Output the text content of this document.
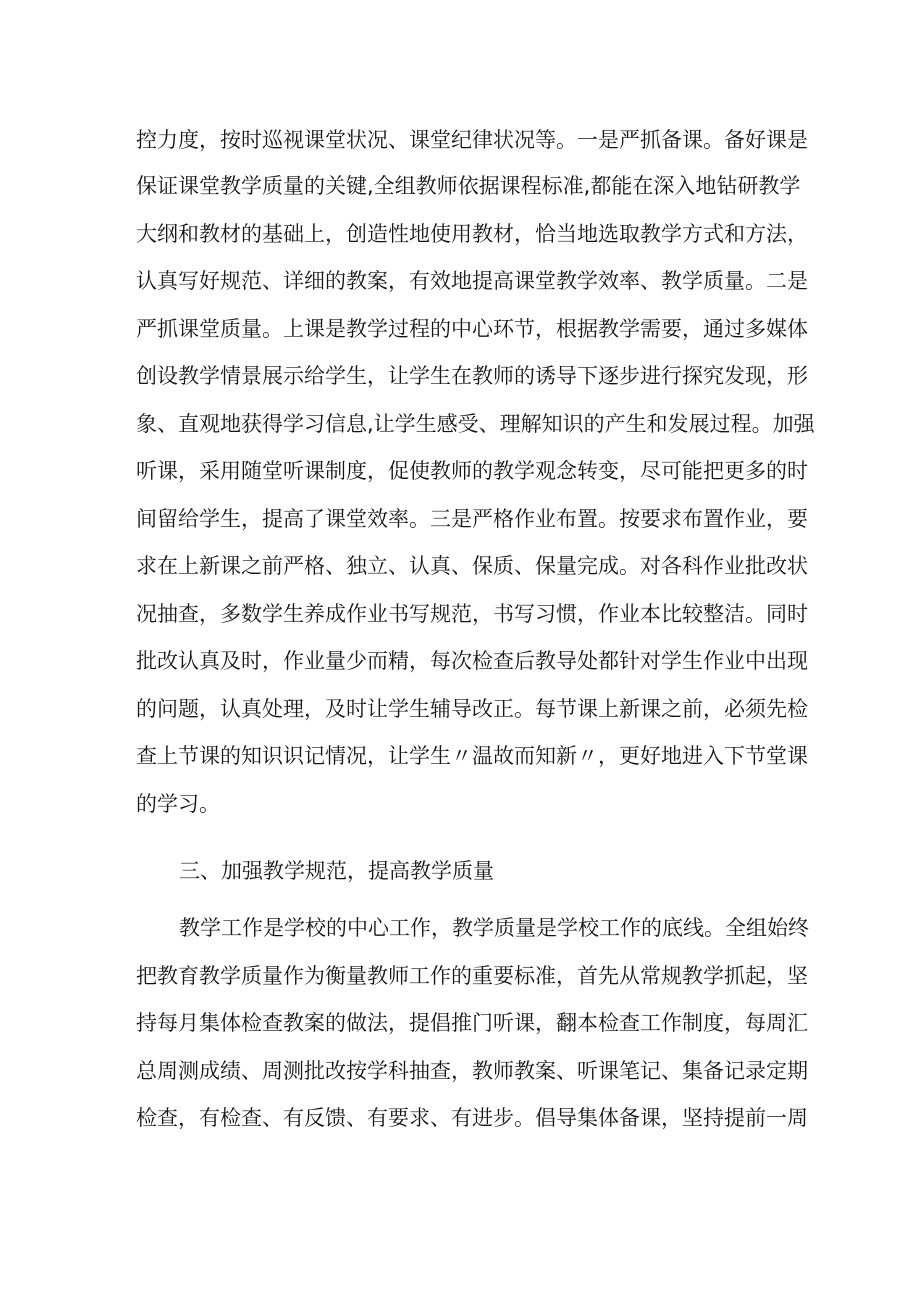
控力度，按时巡视课堂状况、课堂纪律状况等。一是严抓备课。备好课是
保证课堂教学质量的关键,全组教师依据课程标准,都能在深入地钻研教学
大纲和教材的基础上，创造性地使用教材，恰当地选取教学方式和方法，
认真写好规范、详细的教案，有效地提高课堂教学效率、教学质量。二是
严抓课堂质量。上课是教学过程的中心环节，根据教学需要，通过多媒体
创设教学情景展示给学生，让学生在教师的诱导下逐步进行探究发现，形
象、直观地获得学习信息,让学生感受、理解知识的产生和发展过程。加强
听课，采用随堂听课制度，促使教师的教学观念转变，尽可能把更多的时
间留给学生，提高了课堂效率。三是严格作业布置。按要求布置作业，要
求在上新课之前严格、独立、认真、保质、保量完成。对各科作业批改状
况抽查，多数学生养成作业书写规范，书写习惯，作业本比较整洁。同时
批改认真及时，作业量少而精，每次检查后教导处都针对学生作业中出现
的问题，认真处理，及时让学生辅导改正。每节课上新课之前，必须先检
查上节课的知识识记情况，让学生〃温故而知新〃，更好地进入下节堂课
的学习。
三、加强教学规范，提高教学质量
教学工作是学校的中心工作，教学质量是学校工作的底线。全组始终
把教育教学质量作为衡量教师工作的重要标准，首先从常规教学抓起，坚
持每月集体检查教案的做法，提倡推门听课，翻本检查工作制度，每周汇
总周测成绩、周测批改按学科抽查，教师教案、听课笔记、集备记录定期
检查，有检查、有反馈、有要求、有进步。倡导集体备课，坚持提前一周
